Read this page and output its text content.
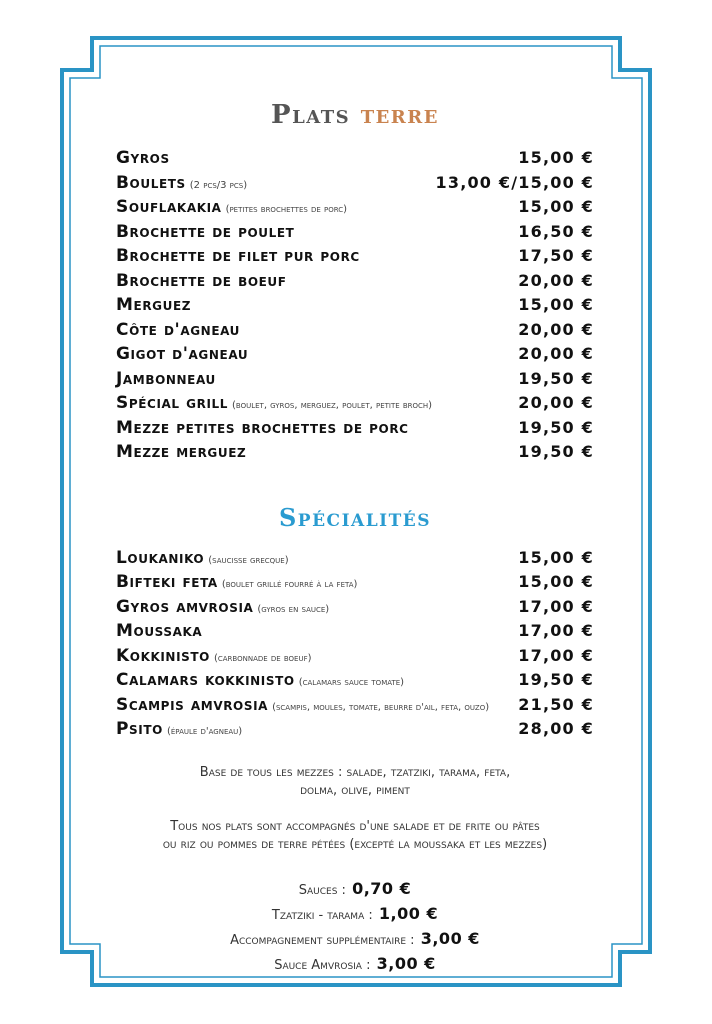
Plats terre
Gyros	15,00 €
Boulets (2 pcs/3 pcs)	13,00 €/15,00 €
Souflakakia (petites brochettes de porc)	15,00 €
Brochette de poulet	16,50 €
Brochette de filet pur porc	17,50 €
Brochette de boeuf	20,00 €
Merguez	15,00 €
Côte d'agneau	20,00 €
Gigot d'agneau	20,00 €
Jambonneau	19,50 €
Spécial grill (boulet, gyros, merguez, poulet, petite broch)	20,00 €
Mezze petites brochettes de porc	19,50 €
Mezze merguez	19,50 €
Spécialités
Loukaniko (saucisse grecque)	15,00 €
Bifteki feta (boulet grillé fourré à la feta)	15,00 €
Gyros amvrosia (gyros en sauce)	17,00 €
Moussaka	17,00 €
Kokkinisto (carbonnade de boeuf)	17,00 €
Calamars kokkinisto (calamars sauce tomate)	19,50 €
Scampis amvrosia (scampis, moules, tomate, beurre d'ail, feta, ouzo) 21,50 €
Psito (épaule d'agneau)	28,00 €
Base de tous les mezzes : salade, tzatziki, tarama, feta,
dolma, olive, piment
Tous nos plats sont accompagnés d'une salade et de frite ou pâtes
ou riz ou pommes de terre pétées (excepté la moussaka et les mezzes)
Sauces : 0,70 €
Tzatziki - tarama : 1,00 €
Accompagnement supplémentaire : 3,00 €
Sauce Amvrosia : 3,00 €
